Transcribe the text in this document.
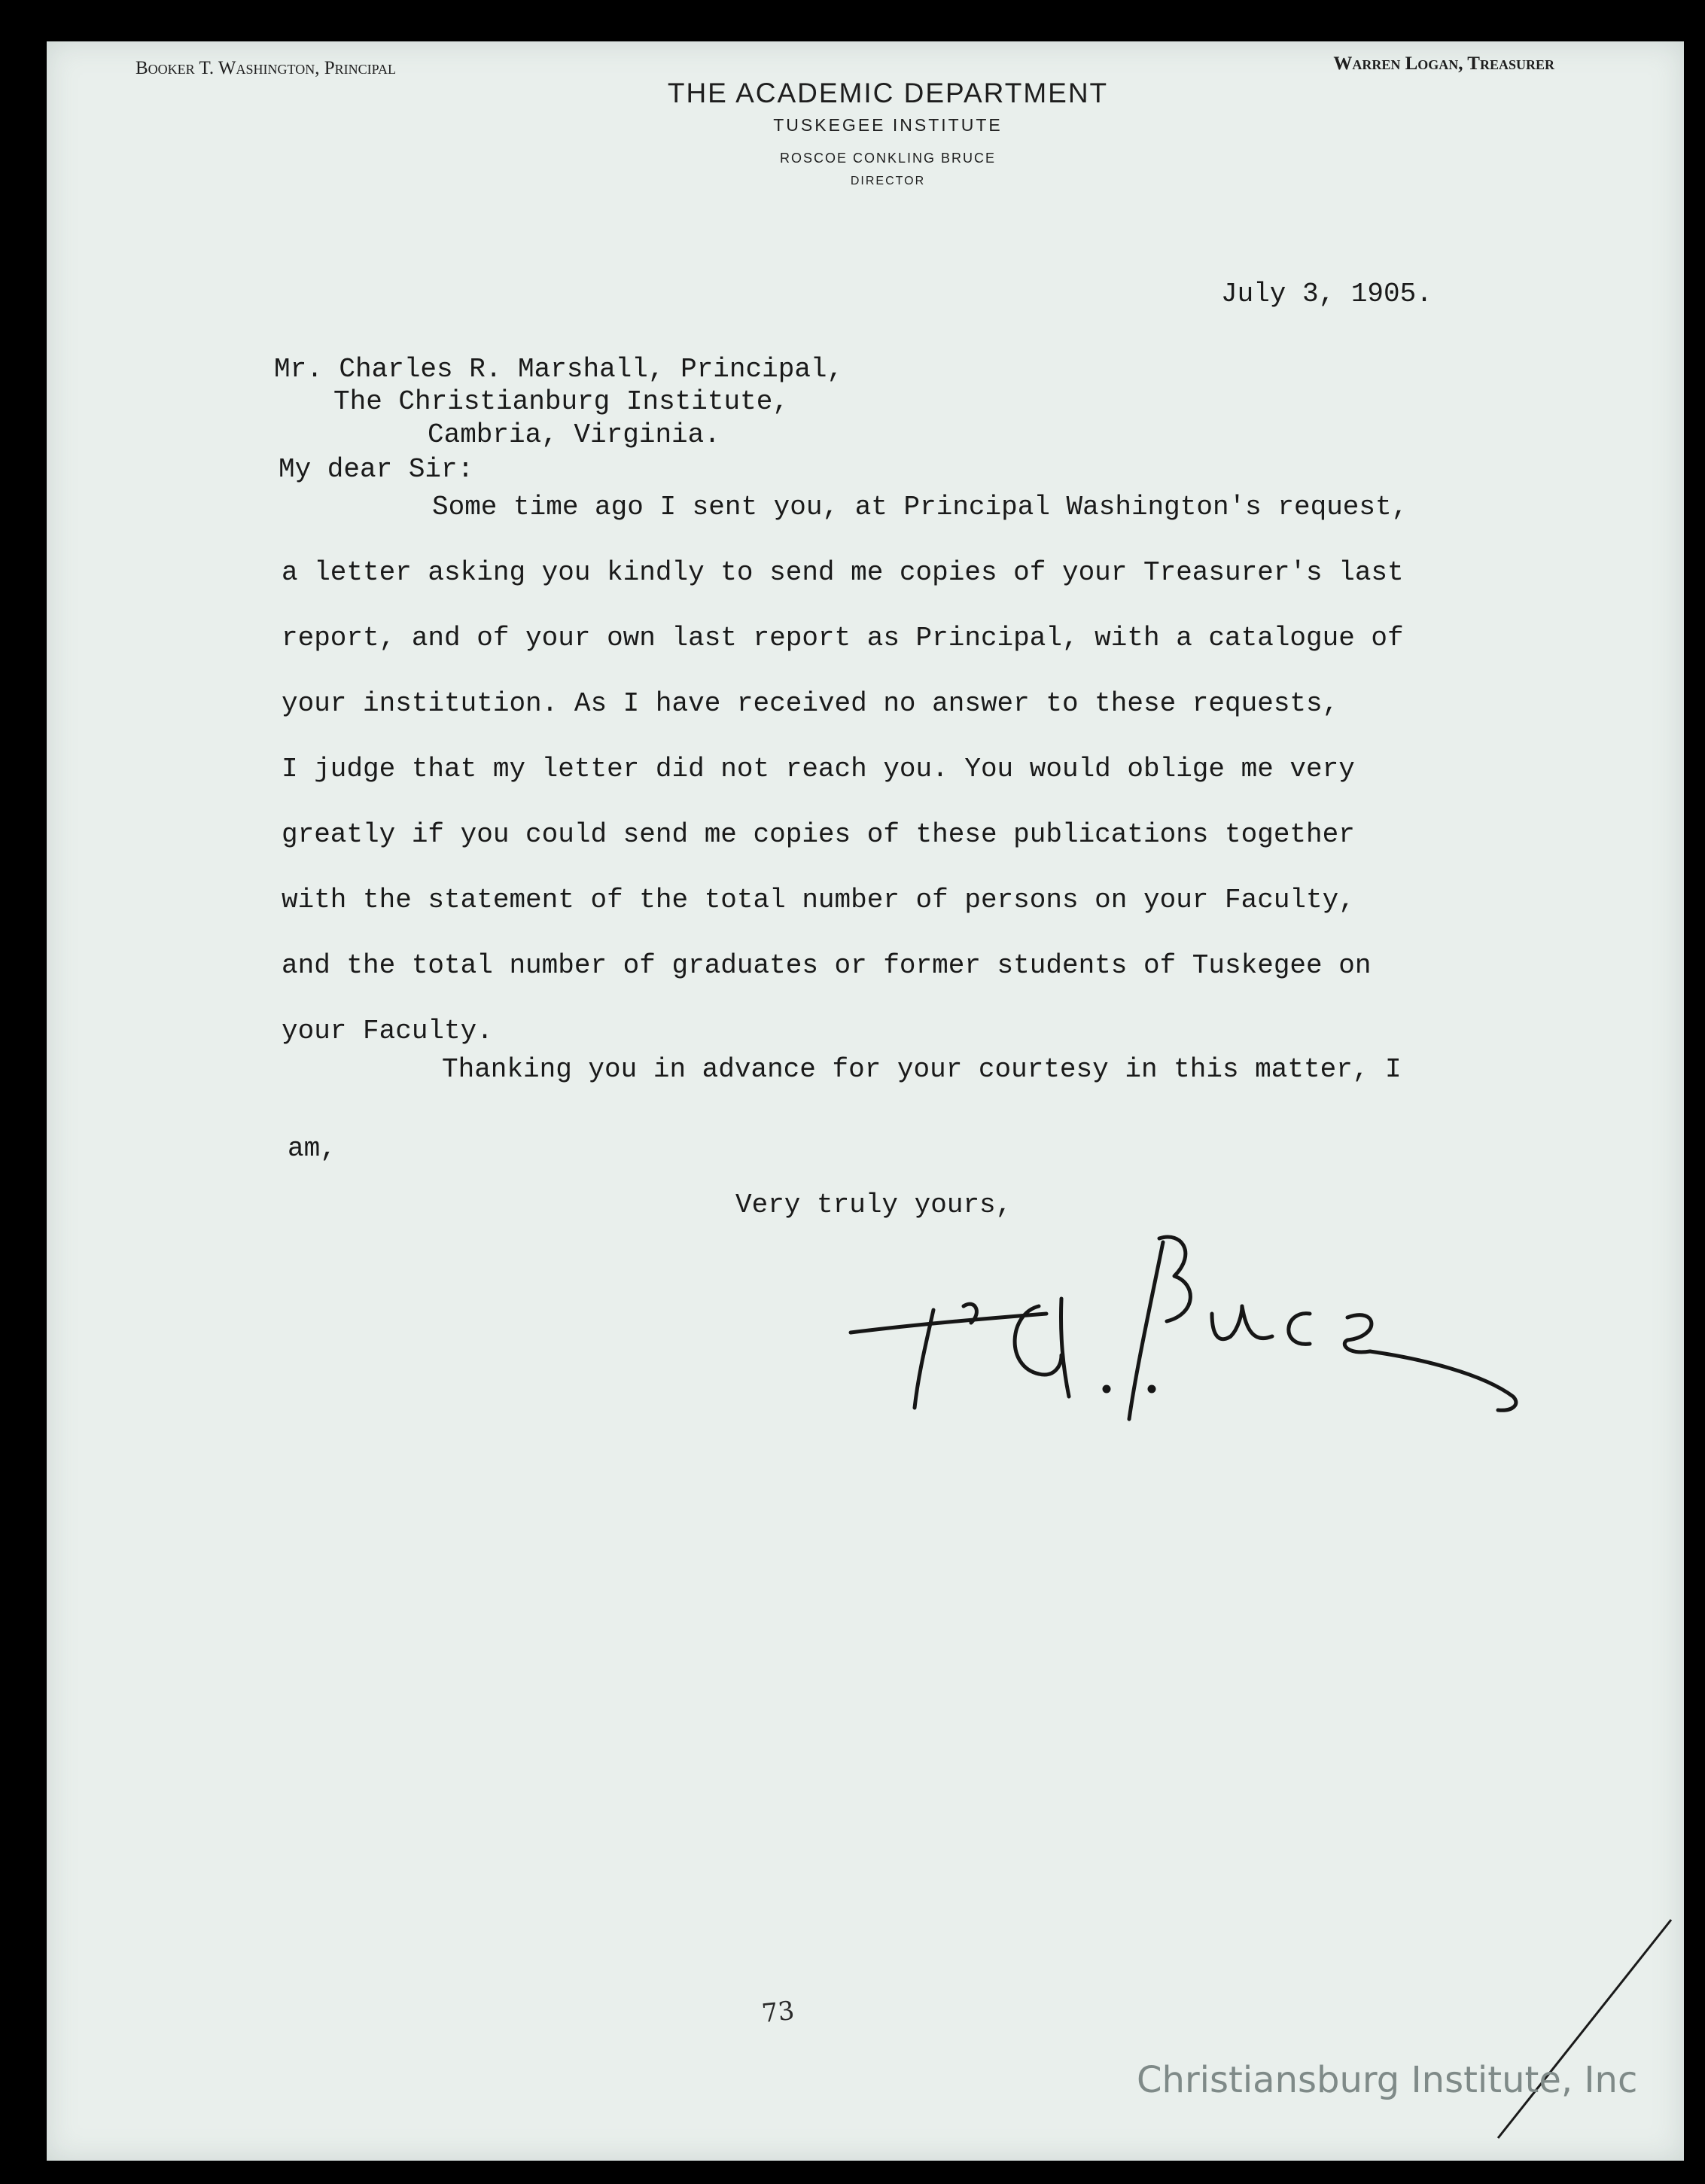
Booker T. Washington, Principal	Warren Logan, Treasurer
THE ACADEMIC DEPARTMENT
TUSKEGEE INSTITUTE
ROSCOE CONKLING BRUCE
DIRECTOR
July 3, 1905.
Mr. Charles R. Marshall, Principal,
The Christianburg Institute,
Cambria, Virginia.
My dear Sir:
Some time ago I sent you, at Principal Washington's request,
a letter asking you kindly to send me copies of your Treasurer's last
report, and of your own last report as Principal, with a catalogue of
your institution. As I have received no answer to these requests,
I judge that my letter did not reach you. You would oblige me very
greatly if you could send me copies of these publications together
with the statement of the total number of persons on your Faculty,
and the total number of graduates or former students of Tuskegee on
your Faculty.
Thanking you in advance for your courtesy in this matter, I
am,
Very truly yours,
73
Christiansburg Institute, Inc
